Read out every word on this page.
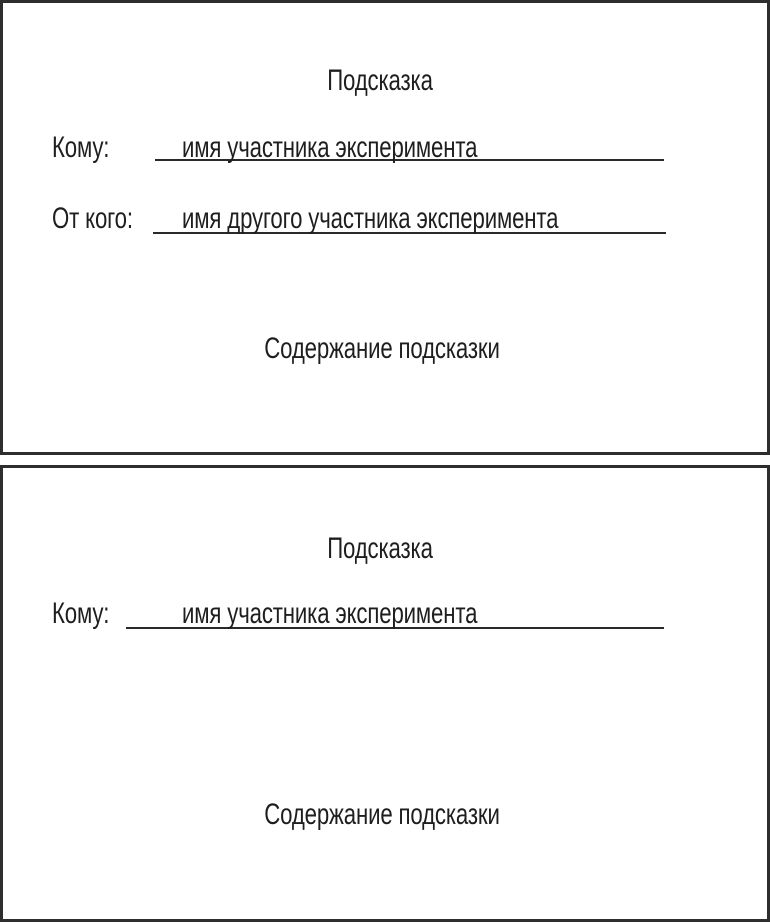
Подсказка
Кому: имя участника эксперимента
От кого: имя другого участника эксперимента
Содержание подсказки
Подсказка
Кому: имя участника эксперимента
Содержание подсказки
